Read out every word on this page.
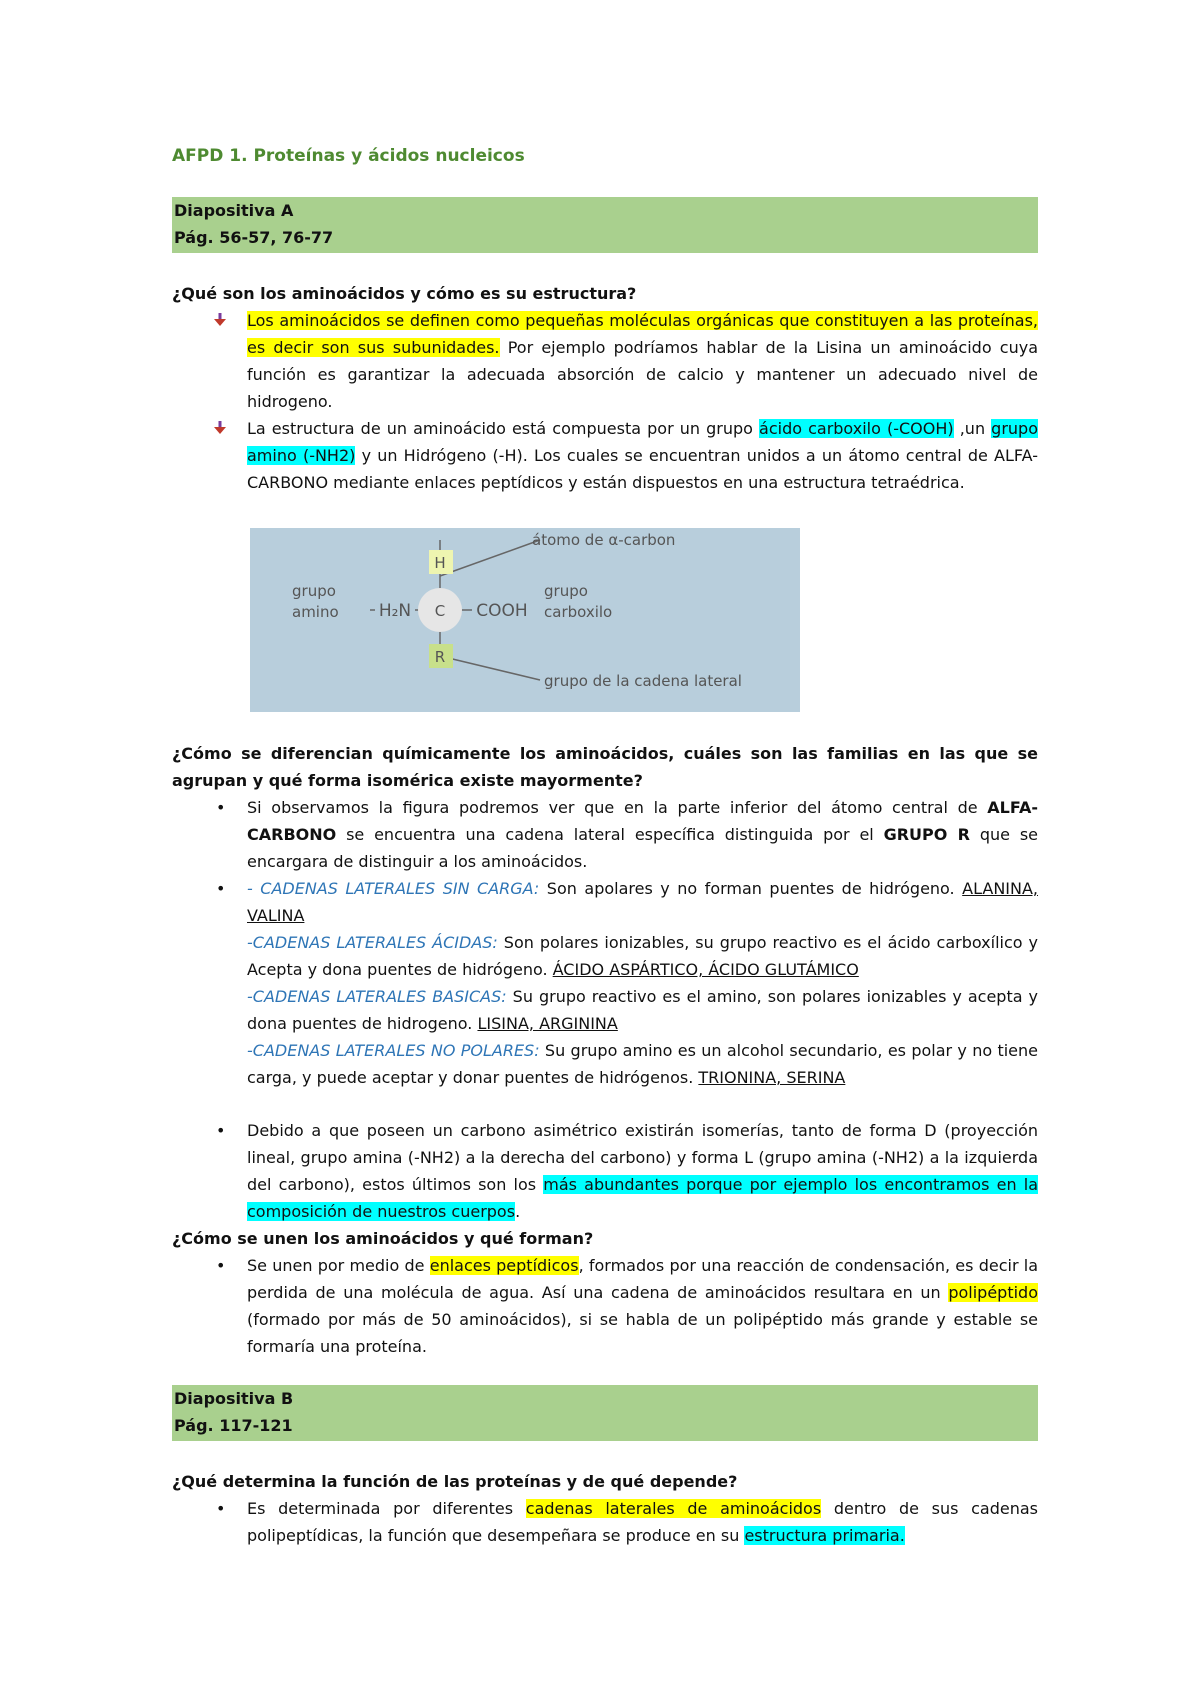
AFPD 1. Proteínas y ácidos nucleicos
Diapositiva A
Pág. 56-57, 76-77
¿Qué son los aminoácidos y cómo es su estructura?
Los aminoácidos se definen como pequeñas moléculas orgánicas que constituyen a las proteínas, es decir son sus subunidades. Por ejemplo podríamos hablar de la Lisina un aminoácido cuya función es garantizar la adecuada absorción de calcio y mantener un adecuado nivel de hidrogeno.
La estructura de un aminoácido está compuesta por un grupo ácido carboxilo (-COOH) ,un grupo amino (-NH2) y un Hidrógeno (-H). Los cuales se encuentran unidos a un átomo central de ALFA-CARBONO mediante enlaces peptídicos y están dispuestos en una estructura tetraédrica.
H
R
C
H₂N	COOH
grupo
amino
grupo
carboxilo
átomo de α-carbon
grupo de la cadena lateral
¿Cómo se diferencian químicamente los aminoácidos, cuáles son las familias en las que se agrupan y qué forma isomérica existe mayormente?
• Si observamos la figura podremos ver que en la parte inferior del átomo central de ALFA-CARBONO se encuentra una cadena lateral específica distinguida por el GRUPO R que se encargara de distinguir a los aminoácidos.
• - CADENAS LATERALES SIN CARGA: Son apolares y no forman puentes de hidrógeno. ALANINA, VALINA
-CADENAS LATERALES ÁCIDAS: Son polares ionizables, su grupo reactivo es el ácido carboxílico y Acepta y dona puentes de hidrógeno. ÁCIDO ASPÁRTICO, ÁCIDO GLUTÁMICO
-CADENAS LATERALES BASICAS: Su grupo reactivo es el amino, son polares ionizables y acepta y dona puentes de hidrogeno. LISINA, ARGININA
-CADENAS LATERALES NO POLARES: Su grupo amino es un alcohol secundario, es polar y no tiene carga, y puede aceptar y donar puentes de hidrógenos. TRIONINA, SERINA
• Debido a que poseen un carbono asimétrico existirán isomerías, tanto de forma D (proyección lineal, grupo amina (-NH2) a la derecha del carbono) y forma L (grupo amina (-NH2) a la izquierda del carbono), estos últimos son los más abundantes porque por ejemplo los encontramos en la composición de nuestros cuerpos.
¿Cómo se unen los aminoácidos y qué forman?
• Se unen por medio de enlaces peptídicos, formados por una reacción de condensación, es decir la perdida de una molécula de agua. Así una cadena de aminoácidos resultara en un polipéptido (formado por más de 50 aminoácidos), si se habla de un polipéptido más grande y estable se formaría una proteína.
Diapositiva B
Pág. 117-121
¿Qué determina la función de las proteínas y de qué depende?
• Es determinada por diferentes cadenas laterales de aminoácidos dentro de sus cadenas polipeptídicas, la función que desempeñara se produce en su estructura primaria.
